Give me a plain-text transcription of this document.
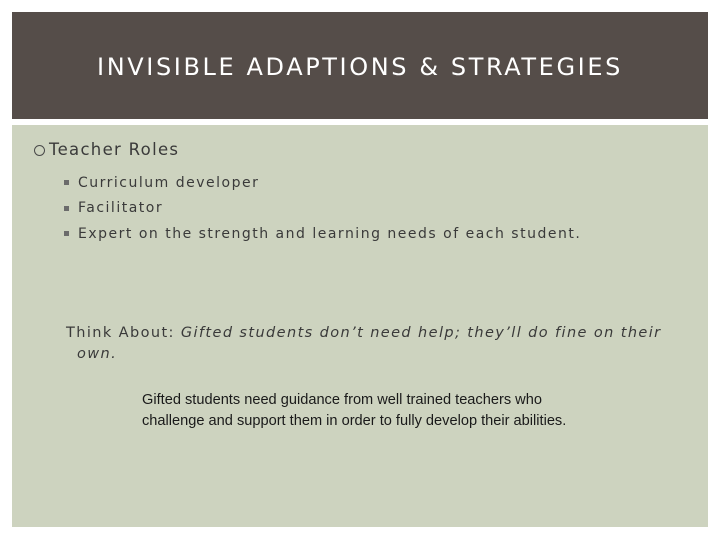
INVISIBLE ADAPTIONS & STRATEGIES
Teacher Roles
Curriculum developer
Facilitator
Expert on the strength and learning needs of each student.
Think About: Gifted students don’t need help; they’ll do fine on their
own.
Gifted students need guidance from well trained teachers who
challenge and support them in order to fully develop their abilities.
